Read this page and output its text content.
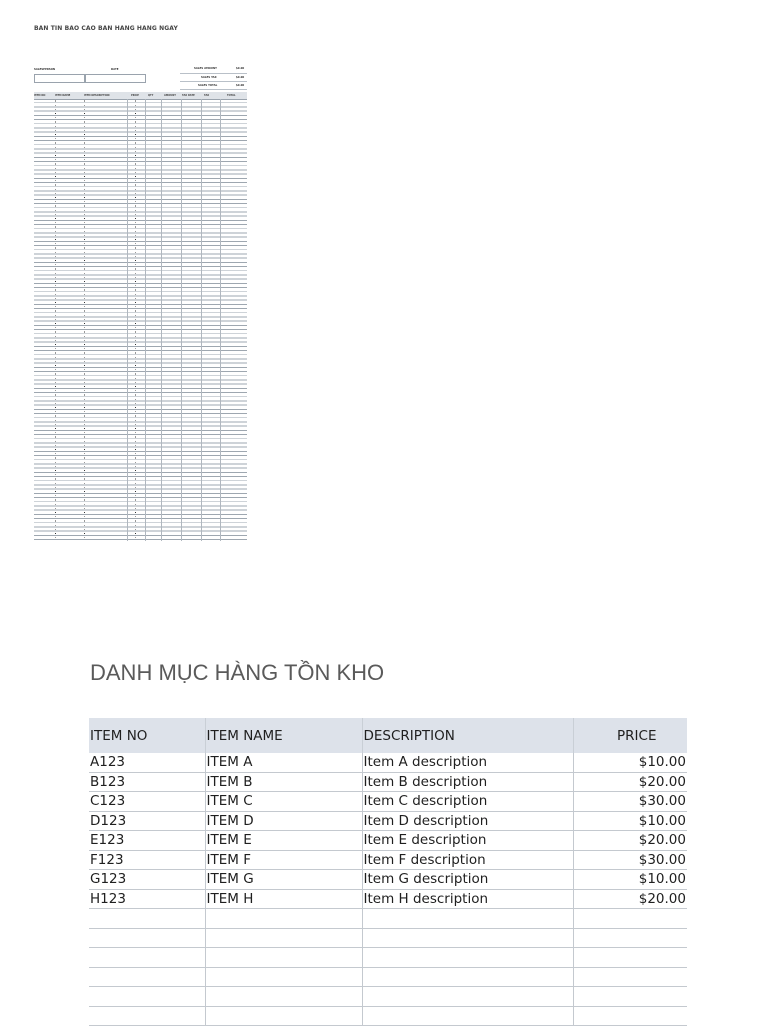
BAN TIN BAO CAO BAN HANG HANG NGAY
SALESPERSON	DATE	SALES AMOUNT	$0.00
SALES TAX	$0.00
SALES TOTAL	$0.00
ITEM NO	ITEM NAME	ITEM DESCRIPTION	PRICE	QTY	AMOUNT	TAX RATE	TAX	TOTAL
DANH MỤC HÀNG TỒN KHO
ITEM NO	ITEM NAME	DESCRIPTION	PRICE
A123	ITEM A	Item A description	$10.00
B123	ITEM B	Item B description	$20.00
C123	ITEM C	Item C description	$30.00
D123	ITEM D	Item D description	$10.00
E123	ITEM E	Item E description	$20.00
F123	ITEM F	Item F description	$30.00
G123	ITEM G	Item G description	$10.00
H123	ITEM H	Item H description	$20.00
